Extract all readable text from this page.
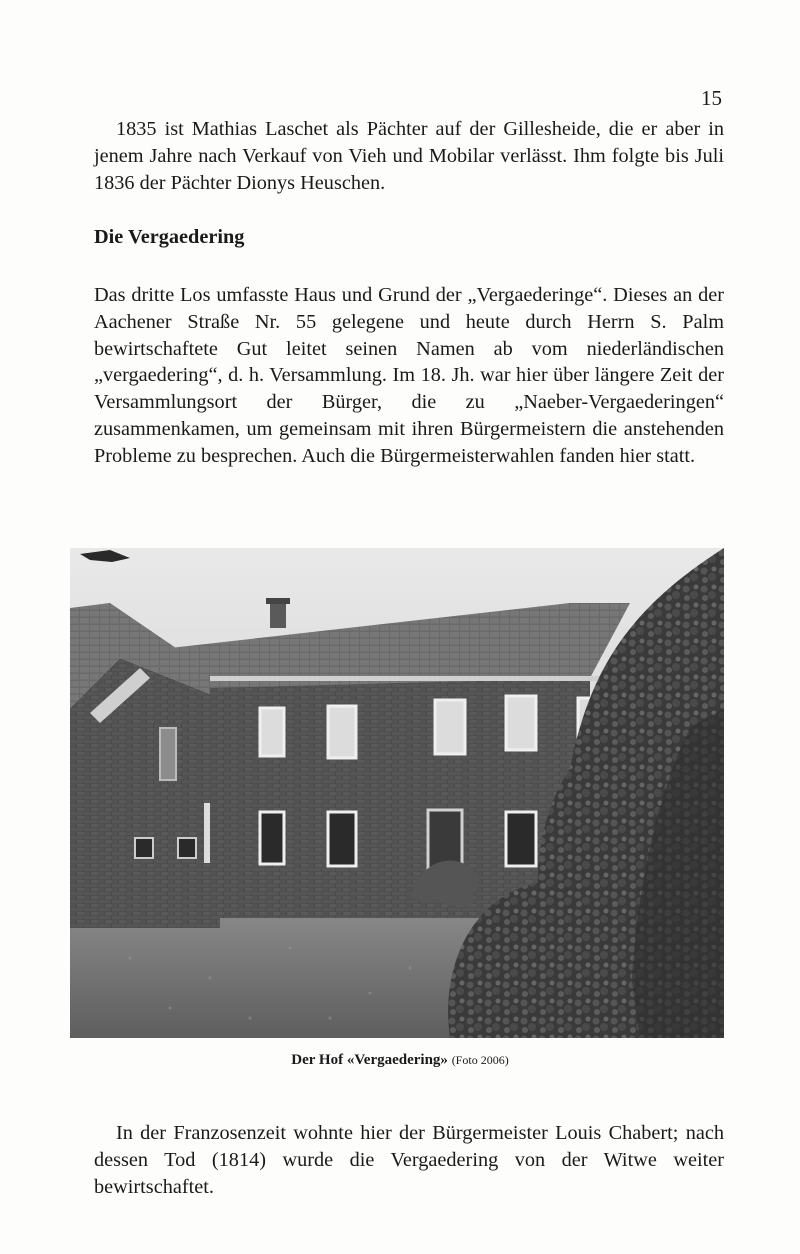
15

1835 ist Mathias Laschet als Pächter auf der Gillesheide, die er aber in jenem Jahre nach Verkauf von Vieh und Mobilar verlässt. Ihm folgte bis Juli 1836 der Pächter Dionys Heuschen.

Die Vergaedering

Das dritte Los umfasste Haus und Grund der „Vergaederinge“. Dieses an der Aachener Straße Nr. 55 gelegene und heute durch Herrn S. Palm bewirtschaftete Gut leitet seinen Namen ab vom niederländischen „vergaedering“, d. h. Versammlung. Im 18. Jh. war hier über längere Zeit der Versammlungsort der Bürger, die zu „Naeber-Vergaederingen“ zusammenkamen, um gemeinsam mit ihren Bürgermeistern die anstehenden Probleme zu besprechen. Auch die Bürgermeisterwahlen fanden hier statt.

Der Hof «Vergaedering» (Foto 2006)

In der Franzosenzeit wohnte hier der Bürgermeister Louis Chabert; nach dessen Tod (1814) wurde die Vergaedering von der Witwe weiter bewirtschaftet.
